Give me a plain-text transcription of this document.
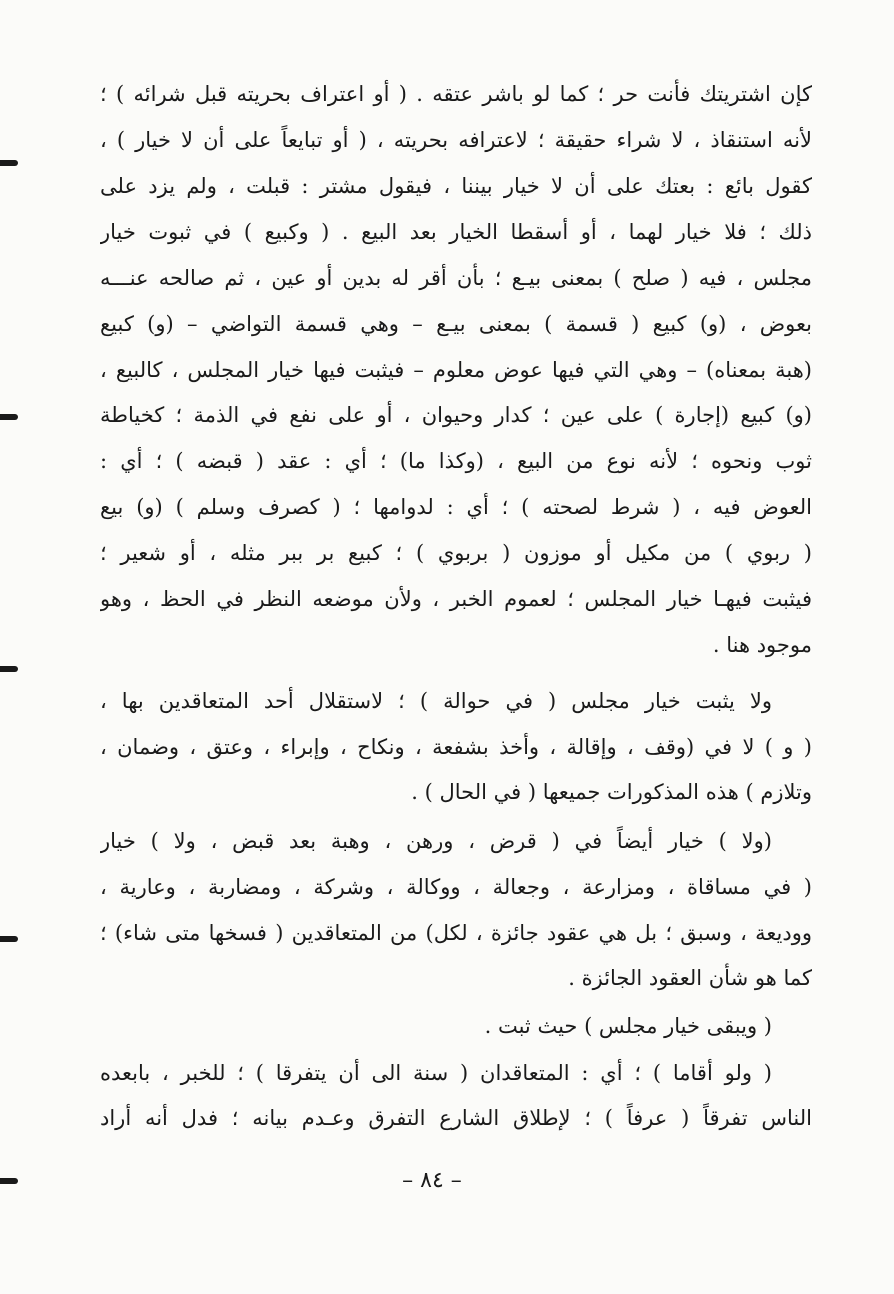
كإن اشتريتك فأنت حر ؛ كما لو باشر عتقه . ( أو اعتراف بحريته قبل شرائه ) ؛
لأنه استنقاذ ، لا شراء حقيقة ؛ لاعترافه بحريته ، ( أو تبايعاً على أن لا خيار ) ،
كقول بائع : بعتك على أن لا خيار بيننا ، فيقول مشتر : قبلت ، ولم يزد على
ذلك ؛ فلا خيار لهما ، أو أسقطا الخيار بعد البيع . ( وكبيع ) في ثبوت خيار
مجلس ، فيه ( صلح ) بمعنى بيـع ؛ بأن أقر له بدين أو عين ، ثم صالحه عنـــه
بعوض ، (و) كبيع ( قسمة ) بمعنى بيـع – وهي قسمة التواضي – (و) كبيع
(هبة بمعناه) – وهي التي فيها عوض معلوم – فيثبت فيها خيار المجلس ، كالبيع ،
(و) كبيع (إجارة ) على عين ؛ كدار وحيوان ، أو على نفع في الذمة ؛ كخياطة
ثوب ونحوه ؛ لأنه نوع من البيع ، (وكذا ما) ؛ أي : عقد ( قبضه ) ؛ أي :
العوض فيه ، ( شرط لصحته ) ؛ أي : لدوامها ؛ ( كصرف وسلم ) (و) بيع
( ربوي ) من مكيل أو موزون ( بربوي ) ؛ كبيع بر ببر مثله ، أو شعير ؛
فيثبت فيهـا خيار المجلس ؛ لعموم الخبر ، ولأن موضعه النظر في الحظ ، وهو
موجود هنا .
ولا يثبت خيار مجلس ( في حوالة ) ؛ لاستقلال أحد المتعاقدين بها ،
( و ) لا في (وقف ، وإقالة ، وأخذ بشفعة ، ونكاح ، وإبراء ، وعتق ، وضمان ،
وتلازم ) هذه المذكورات جميعها ( في الحال ) .
(ولا ) خيار أيضاً في ( قرض ، ورهن ، وهبة بعد قبض ، ولا ) خيار
( في مساقاة ، ومزارعة ، وجعالة ، ووكالة ، وشركة ، ومضاربة ، وعارية ،
ووديعة ، وسبق ؛ بل هي عقود جائزة ، لكل) من المتعاقدين ( فسخها متى شاء) ؛
كما هو شأن العقود الجائزة .
( ويبقى خيار مجلس ) حيث ثبت .
( ولو أقاما ) ؛ أي : المتعاقدان ( سنة الى أن يتفرقا ) ؛ للخبر ، بابعده
الناس تفرقاً ( عرفاً ) ؛ لإطلاق الشارع التفرق وعـدم بيانه ؛ فدل أنه أراد
– ٨٤ –
